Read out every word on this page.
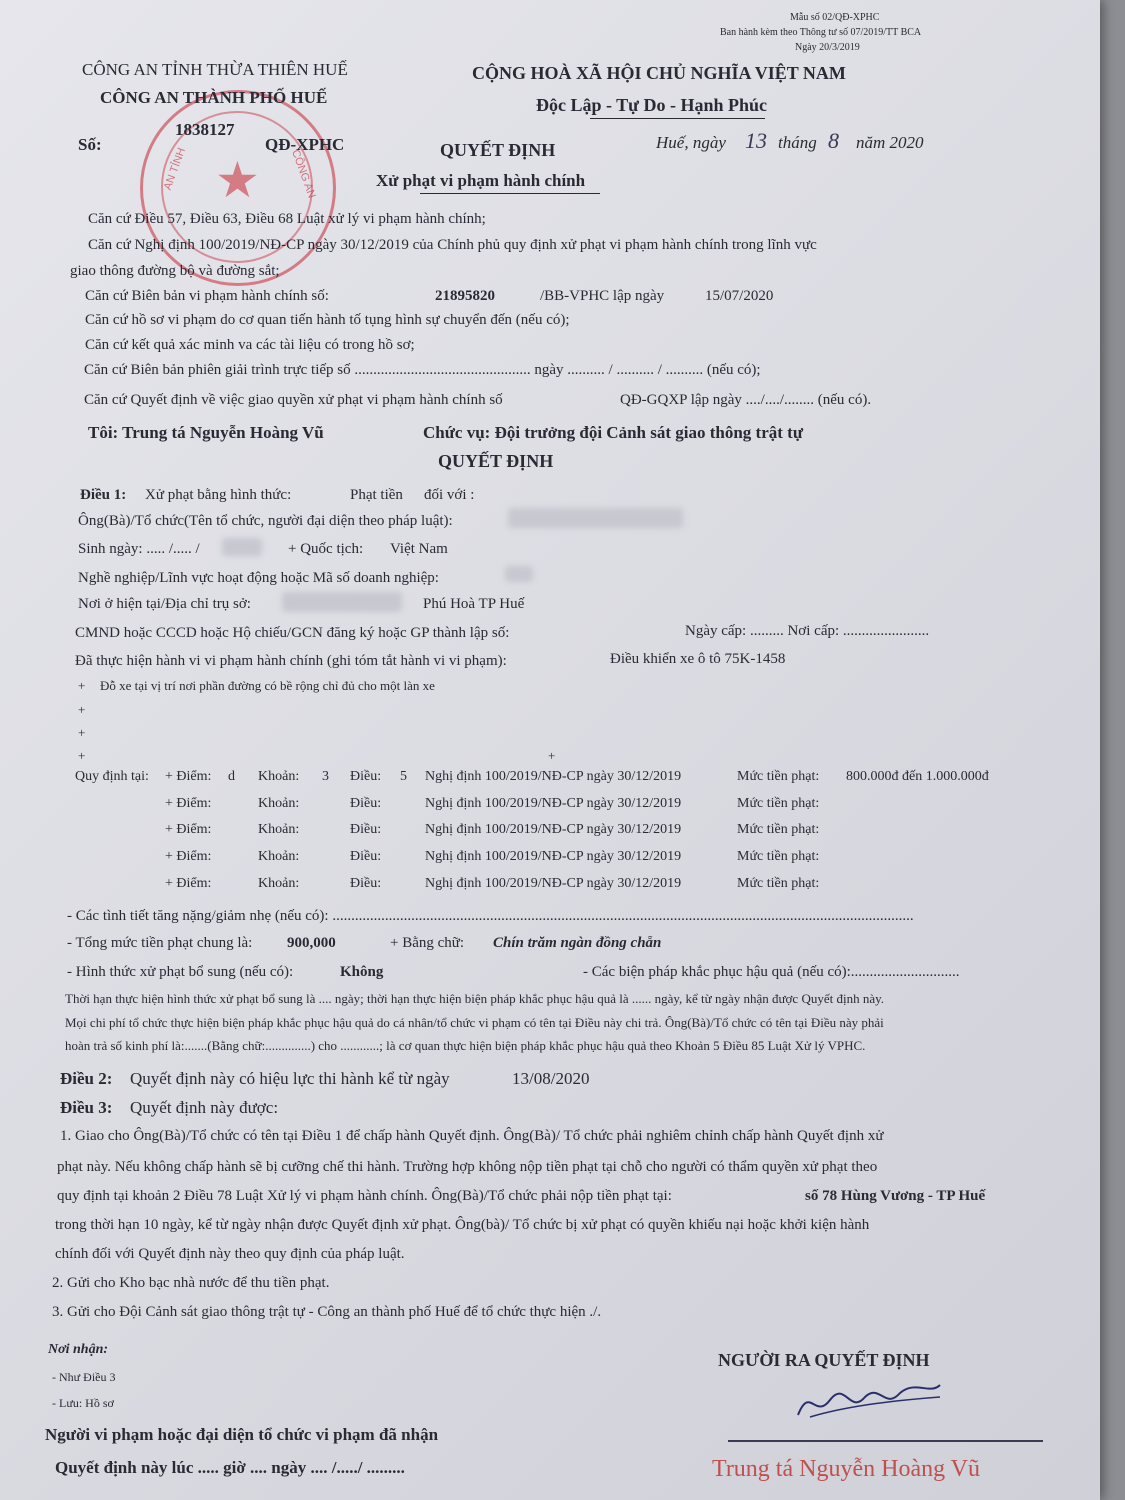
Mẫu số 02/QĐ-XPHC
Ban hành kèm theo Thông tư số 07/2019/TT BCA
Ngày 20/3/2019
★
AN TỈNH	CÔNG AN
CÔNG AN TỈNH THỪA THIÊN HUẾ
CÔNG AN THÀNH PHỐ HUẾ
Số:
1838127
QĐ-XPHC
CỘNG HOÀ XÃ HỘI CHỦ NGHĨA VIỆT NAM
Độc Lập - Tự Do - Hạnh Phúc
Huế, ngày 13 tháng 8 năm 2020
QUYẾT ĐỊNH
Xử phạt vi phạm hành chính
Căn cứ Điều 57, Điều 63, Điều 68 Luật xử lý vi phạm hành chính;
Căn cứ Nghị định 100/2019/NĐ-CP ngày 30/12/2019 của Chính phủ quy định xử phạt vi phạm hành chính trong lĩnh vực
giao thông đường bộ và đường sắt;
Căn cứ Biên bản vi phạm hành chính số:	21895820	/BB-VPHC lập ngày	15/07/2020
Căn cứ hồ sơ vi phạm do cơ quan tiến hành tố tụng hình sự chuyển đến (nếu có);
Căn cứ kết quả xác minh va các tài liệu có trong hồ sơ;
Căn cứ Biên bản phiên giải trình trực tiếp số ............................................... ngày .......... / .......... / .......... (nếu có);
Căn cứ Quyết định về việc giao quyền xử phạt vi phạm hành chính số	QĐ-GQXP lập ngày ..../..../........ (nếu có).
Tôi: Trung tá Nguyễn Hoàng Vũ	Chức vụ: Đội trưởng đội Cảnh sát giao thông trật tự
QUYẾT ĐỊNH
Điều 1: Xử phạt bằng hình thức:	Phạt tiền đối với :
Ông(Bà)/Tổ chức(Tên tổ chức, người đại diện theo pháp luật):
Sinh ngày: ..... /..... /	+ Quốc tịch: Việt Nam
Nghề nghiệp/Lĩnh vực hoạt động hoặc Mã số doanh nghiệp:
Nơi ở hiện tại/Địa chỉ trụ sở:	Phú Hoà TP Huế
CMND hoặc CCCD hoặc Hộ chiếu/GCN đăng ký hoặc GP thành lập số:	Ngày cấp: ......... Nơi cấp: .......................
Đã thực hiện hành vi vi phạm hành chính (ghi tóm tắt hành vi vi phạm):	Điều khiển xe ô tô 75K-1458
+ Đỗ xe tại vị trí nơi phần đường có bề rộng chỉ đủ cho một làn xe
+
+
+	+
Quy định tại: + Điểm: d Khoản: 3 Điều: 5 Nghị định 100/2019/NĐ-CP ngày 30/12/2019	Mức tiền phạt: 800.000đ đến 1.000.000đ
+ Điểm:	Khoản:	Điều:	Nghị định 100/2019/NĐ-CP ngày 30/12/2019	Mức tiền phạt:
+ Điểm:	Khoản:	Điều:	Nghị định 100/2019/NĐ-CP ngày 30/12/2019	Mức tiền phạt:
+ Điểm:	Khoản:	Điều:	Nghị định 100/2019/NĐ-CP ngày 30/12/2019	Mức tiền phạt:
+ Điểm:	Khoản:	Điều:	Nghị định 100/2019/NĐ-CP ngày 30/12/2019	Mức tiền phạt:
- Các tình tiết tăng nặng/giảm nhẹ (nếu có): ...........................................................................................................................................................
- Tổng mức tiền phạt chung là: 900,000	+ Bằng chữ: Chín trăm ngàn đồng chẵn
- Hình thức xử phạt bổ sung (nếu có):	Không	- Các biện pháp khắc phục hậu quả (nếu có):.............................
Thời hạn thực hiện hình thức xử phạt bổ sung là .... ngày; thời hạn thực hiện biện pháp khắc phục hậu quả là ...... ngày, kể từ ngày nhận được Quyết định này.
Mọi chi phí tổ chức thực hiện biện pháp khắc phục hậu quả do cá nhân/tổ chức vi phạm có tên tại Điều này chi trả. Ông(Bà)/Tổ chức có tên tại Điều này phải
hoàn trả số kinh phí là:.......(Bằng chữ:..............) cho ............; là cơ quan thực hiện biện pháp khắc phục hậu quả theo Khoản 5 Điều 85 Luật Xử lý VPHC.
Điều 2: Quyết định này có hiệu lực thi hành kể từ ngày	13/08/2020
Điều 3: Quyết định này được:
1. Giao cho Ông(Bà)/Tổ chức có tên tại Điều 1 để chấp hành Quyết định. Ông(Bà)/ Tổ chức phải nghiêm chỉnh chấp hành Quyết định xử
phạt này. Nếu không chấp hành sẽ bị cưỡng chế thi hành. Trường hợp không nộp tiền phạt tại chỗ cho người có thẩm quyền xử phạt theo
quy định tại khoản 2 Điều 78 Luật Xử lý vi phạm hành chính. Ông(Bà)/Tổ chức phải nộp tiền phạt tại:	số 78 Hùng Vương - TP Huế
trong thời hạn 10 ngày, kể từ ngày nhận được Quyết định xử phạt. Ông(bà)/ Tổ chức bị xử phạt có quyền khiếu nại hoặc khởi kiện hành
chính đối với Quyết định này theo quy định của pháp luật.
2. Gửi cho Kho bạc nhà nước để thu tiền phạt.
3. Gửi cho Đội Cảnh sát giao thông trật tự - Công an thành phố Huế để tổ chức thực hiện ./.
Nơi nhận:
- Như Điều 3
- Lưu: Hồ sơ
Người vi phạm hoặc đại diện tổ chức vi phạm đã nhận
Quyết định này lúc ..... giờ .... ngày .... /...../ .........
NGƯỜI RA QUYẾT ĐỊNH
Trung tá Nguyễn Hoàng Vũ
